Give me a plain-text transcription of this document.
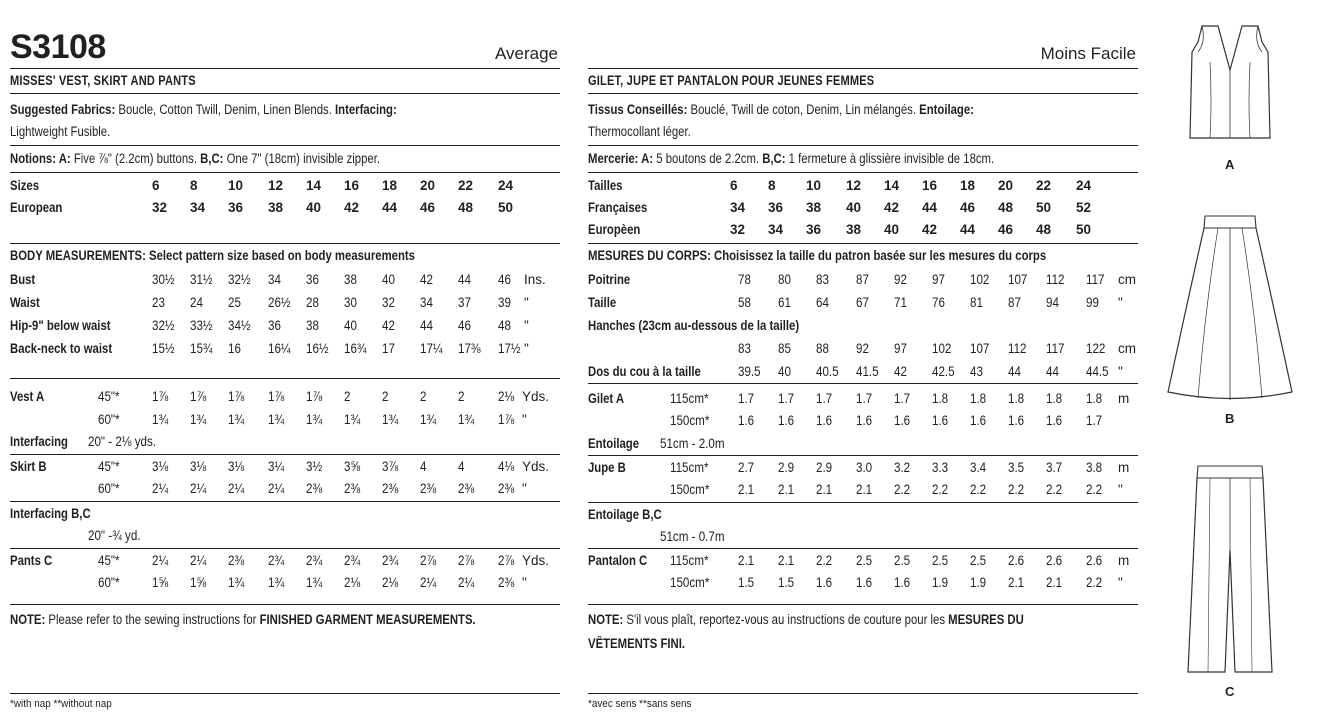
S3108	Average
MISSES' VEST, SKIRT AND PANTS
Suggested Fabrics: Boucle, Cotton Twill, Denim, Linen Blends. Interfacing:
Lightweight Fusible.
Notions: A: Five ⅞" (2.2cm) buttons. B,C: One 7" (18cm) invisible zipper.
Sizes	6 8 10 12 14 16 18 20 22 24
European	32 34 36 38 40 42 44 46 48 50
BODY MEASUREMENTS: Select pattern size based on body measurements
Bust	30½ 31½ 32½ 34 36 38 40 42 44 46 Ins.
Waist	23 24 25 26½ 28 30 32 34 37 39 "
Hip-9" below waist	32½ 33½ 34½ 36 38 40 42 44 46 48 "
Back-neck to waist	15½ 15¾ 16 16¼ 16½ 16¾ 17 17¼ 17⅜ 17½ "
Vest A	45"* 1⅞ 1⅞ 1⅞ 1⅞ 1⅞ 2 2 2 2 2⅛ Yds.
60"* 1¾ 1¾ 1¾ 1¾ 1¾ 1¾ 1¾ 1¾ 1¾ 1⅞ "
Interfacing 20" - 2⅛ yds.
Skirt B	45"* 3⅛ 3⅛ 3⅛ 3¼ 3½ 3⅝ 3⅞ 4 4 4⅛ Yds.
60"* 2¼ 2¼ 2¼ 2¼ 2⅜ 2⅜ 2⅜ 2⅜ 2⅜ 2⅜ "
Interfacing B,C
20" -¾ yd.
Pants C	45"* 2¼ 2¼ 2⅜ 2¾ 2¾ 2¾ 2¾ 2⅞ 2⅞ 2⅞ Yds.
60"* 1⅝ 1⅝ 1¾ 1¾ 1¾ 2⅛ 2⅛ 2¼ 2¼ 2⅜ "
NOTE: Please refer to the sewing instructions for FINISHED GARMENT MEASUREMENTS.
*with nap **without nap
Moins Facile
GILET, JUPE ET PANTALON POUR JEUNES FEMMES
Tissus Conseillés: Bouclé, Twill de coton, Denim, Lin mélangés. Entoilage:
Thermocollant léger.
Mercerie: A: 5 boutons de 2.2cm. B,C: 1 fermeture à glissière invisible de 18cm.
Tailles	6 8 10 12 14 16 18 20 22 24
Françaises	34 36 38 40 42 44 46 48 50 52
Europèen	32 34 36 38 40 42 44 46 48 50
MESURES DU CORPS: Choisissez la taille du patron basée sur les mesures du corps
Poitrine	78 80 83 87 92 97 102 107 112 117 cm
Taille	58 61 64 67 71 76 81 87 94 99 "
Hanches (23cm au-dessous de la taille)
83 85 88 92 97 102 107 112 117 122 cm
Dos du cou à la taille	39.5 40 40.5 41.5 42 42.5 43 44 44 44.5 "
Gilet A	115cm* 1.7 1.7 1.7 1.7 1.7 1.8 1.8 1.8 1.8 1.8 m
150cm* 1.6 1.6 1.6 1.6 1.6 1.6 1.6 1.6 1.6 1.7
Entoilage 51cm - 2.0m
Jupe B	115cm* 2.7 2.9 2.9 3.0 3.2 3.3 3.4 3.5 3.7 3.8 m
150cm* 2.1 2.1 2.1 2.1 2.2 2.2 2.2 2.2 2.2 2.2 "
Entoilage B,C
51cm - 0.7m
Pantalon C 115cm* 2.1 2.1 2.2 2.5 2.5 2.5 2.5 2.6 2.6 2.6 m
150cm* 1.5 1.5 1.6 1.6 1.6 1.9 1.9 2.1 2.1 2.2 "
NOTE: S'il vous plaît, reportez-vous au instructions de couture pour les MESURES DU
VÊTEMENTS FINI.
*avec sens **sans sens
A
B
C
